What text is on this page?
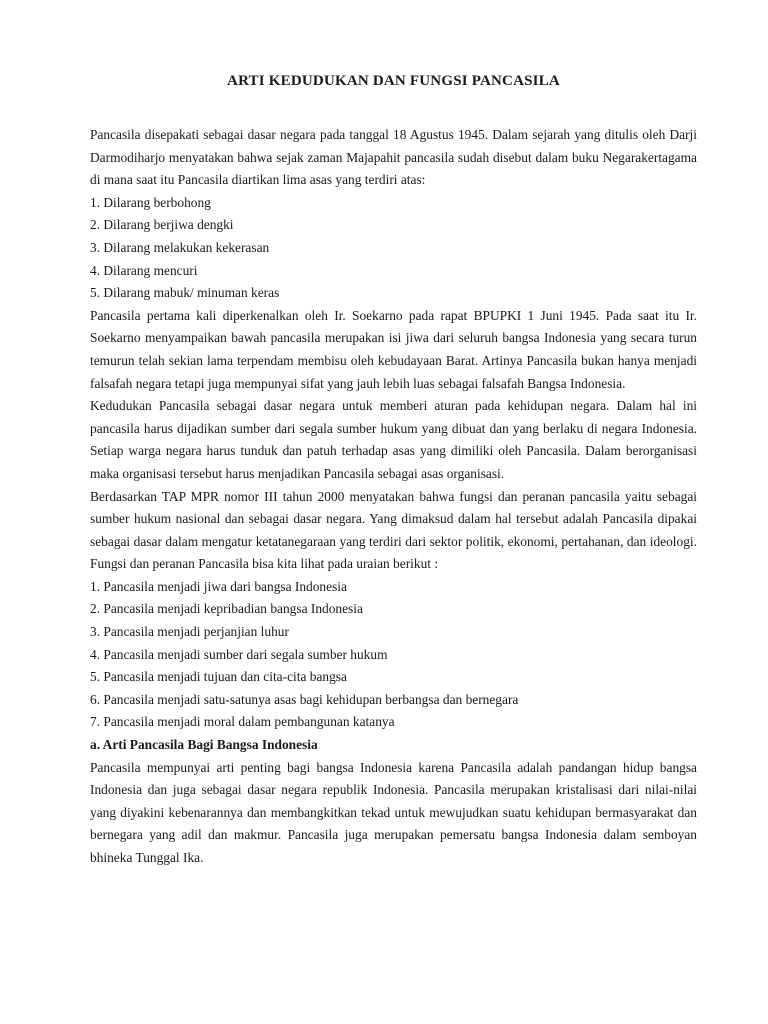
ARTI KEDUDUKAN DAN FUNGSI PANCASILA

Pancasila disepakati sebagai dasar negara pada tanggal 18 Agustus 1945. Dalam sejarah yang ditulis oleh Darji Darmodiharjo menyatakan bahwa sejak zaman Majapahit pancasila sudah disebut dalam buku Negarakertagama di mana saat itu Pancasila diartikan lima asas yang terdiri atas:

1. Dilarang berbohong
2. Dilarang berjiwa dengki
3. Dilarang melakukan kekerasan
4. Dilarang mencuri
5. Dilarang mabuk/ minuman keras

Pancasila pertama kali diperkenalkan oleh Ir. Soekarno pada rapat BPUPKI 1 Juni 1945. Pada saat itu Ir. Soekarno menyampaikan bawah pancasila merupakan isi jiwa dari seluruh bangsa Indonesia yang secara turun temurun telah sekian lama terpendam membisu oleh kebudayaan Barat. Artinya Pancasila bukan hanya menjadi falsafah negara tetapi juga mempunyai sifat yang jauh lebih luas sebagai falsafah Bangsa Indonesia.

Kedudukan Pancasila sebagai dasar negara untuk memberi aturan pada kehidupan negara. Dalam hal ini pancasila harus dijadikan sumber dari segala sumber hukum yang dibuat dan yang berlaku di negara Indonesia. Setiap warga negara harus tunduk dan patuh terhadap asas yang dimiliki oleh Pancasila. Dalam berorganisasi maka organisasi tersebut harus menjadikan Pancasila sebagai asas organisasi.

Berdasarkan TAP MPR nomor III tahun 2000 menyatakan bahwa fungsi dan peranan pancasila yaitu sebagai sumber hukum nasional dan sebagai dasar negara. Yang dimaksud dalam hal tersebut adalah Pancasila dipakai sebagai dasar dalam mengatur ketatanegaraan yang terdiri dari sektor politik, ekonomi, pertahanan, dan ideologi. Fungsi dan peranan Pancasila bisa kita lihat pada uraian berikut :

1. Pancasila menjadi jiwa dari bangsa Indonesia
2. Pancasila menjadi kepribadian bangsa Indonesia
3. Pancasila menjadi perjanjian luhur
4. Pancasila menjadi sumber dari segala sumber hukum
5. Pancasila menjadi tujuan dan cita-cita bangsa
6. Pancasila menjadi satu-satunya asas bagi kehidupan berbangsa dan bernegara
7. Pancasila menjadi moral dalam pembangunan katanya
a. Arti Pancasila Bagi Bangsa Indonesia

Pancasila mempunyai arti penting bagi bangsa Indonesia karena Pancasila adalah pandangan hidup bangsa Indonesia dan juga sebagai dasar negara republik Indonesia. Pancasila merupakan kristalisasi dari nilai-nilai yang diyakini kebenarannya dan membangkitkan tekad untuk mewujudkan suatu kehidupan bermasyarakat dan bernegara yang adil dan makmur. Pancasila juga merupakan pemersatu bangsa Indonesia dalam semboyan bhineka Tunggal Ika.
